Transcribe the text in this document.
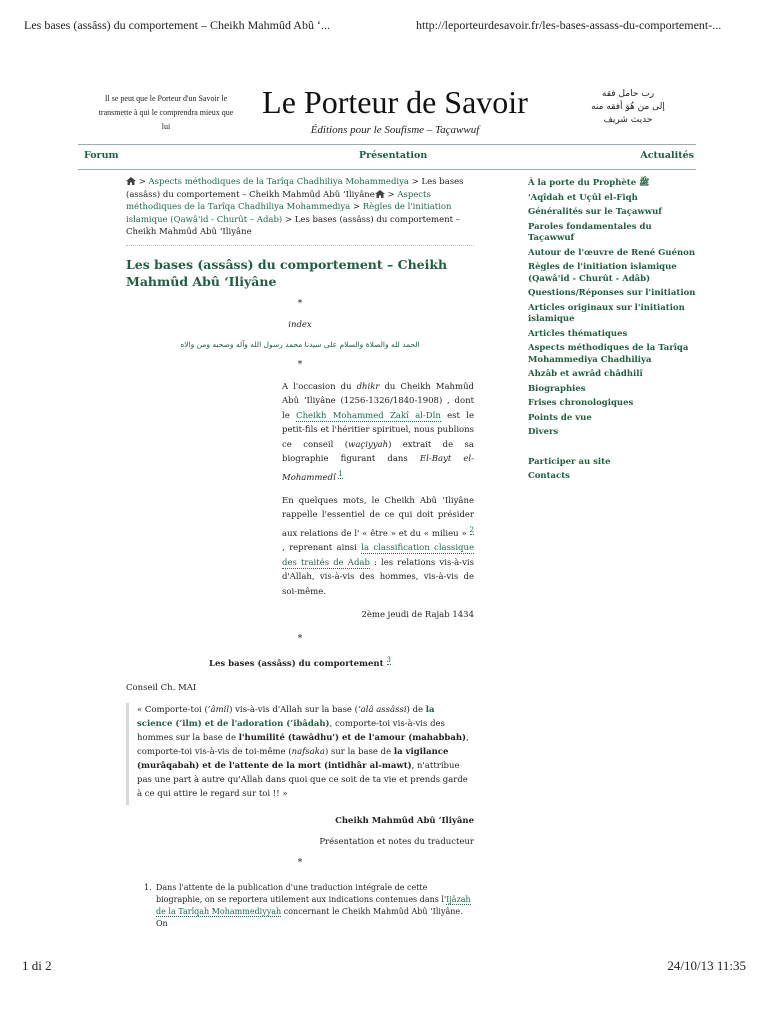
Les bases (assâss) du comportement – Cheikh Mahmûd Abû ‘...	http://leporteurdesavoir.fr/les-bases-assass-du-comportement-...
Il se peut que le Porteur d'un Savoir le transmette à qui le comprendra mieux que lui
Le Porteur de Savoir
Éditions pour le Soufisme – Taçawwuf
رب حامل فقه
إلى من هُوَ أفقه منه
حديث شريف
Forum	Présentation	Actualités
> Aspects méthodiques de la Tarîqa Chadhiliya Mohammediya > Les bases (assâss) du comportement – Cheikh Mahmûd Abû ‘Iliyâne > Aspects méthodiques de la Tarîqa Chadhiliya Mohammediya > Règles de l'initiation islamique (Qawâ'id - Churût – Adab) > Les bases (assâss) du comportement – Cheikh Mahmûd Abû ‘Iliyâne
Les bases (assâss) du comportement – Cheikh Mahmûd Abû ‘Iliyâne
*
index
الحمد لله والصلاة والسلام على سيدنا محمد رسول الله وآله وصحبه ومن والاه
*

A l'occasion du dhikr du Cheikh Mahmûd Abû ‘Iliyâne (1256-1326/1840-1908) , dont le Cheikh Mohammed Zakî al-Dîn est le petit-fils et l'héritier spirituel, nous publions ce conseil (waçiyyah) extrait de sa biographie figurant dans El-Bayt el-Mohammedî $^1$

En quelques mots, le Cheikh Abû ‘Iliyâne rappelle l'essentiel de ce qui doit présider aux relations de l' « être » et du « milieu » $^2$ , reprenant ainsi la classification classique des traités de Adab : les relations vis-à-vis d'Allah, vis-à-vis des hommes, vis-à-vis de soi-même.

2ème jeudi de Rajab 1434
*
Les bases (assâss) du comportement $^3$
Conseil Ch. MAI
« Comporte-toi (‘âmil) vis-à-vis d'Allah sur la base (‘alâ assâssi) de la science (‘ilm) et de l'adoration (‘ibâdah), comporte-toi vis-à-vis des hommes sur la base de l'humilité (tawâdhu') et de l'amour (mahabbah), comporte-toi vis-à-vis de toi-même (nafsaka) sur la base de la vigilance (murâqabah) et de l'attente de la mort (intidhâr al-mawt), n'attribue pas une part à autre qu'Allah dans quoi que ce soit de ta vie et prends garde à ce qui attire le regard sur toi !! »
Cheikh Mahmûd Abû ‘Iliyâne
Présentation et notes du traducteur
*
1. Dans l'attente de la publication d'une traduction intégrale de cette biographie, on se reportera utilement aux indications contenues dans l'Ijâzah de la Tarîqah Mohammediyyah concernant le Cheikh Mahmûd Abû ‘Iliyâne. On
À la porte du Prophète ﷺ
'Aqîdah et Uçûl el-Fiqh
Généralités sur le Taçawwuf
Paroles fondamentales du Taçawwuf
Autour de l'œuvre de René Guénon
Règles de l'initiation islamique (Qawâ'id - Churût - Adâb)
Questions/Réponses sur l'initiation
Articles originaux sur l'initiation islamique
Articles thématiques
Aspects méthodiques de la Tarîqa Mohammediya Chadhiliya
Ahzâb et awrâd châdhilî
Biographies
Frises chronologiques
Points de vue
Divers
Participer au site
Contacts
1 di 2	24/10/13 11:35
